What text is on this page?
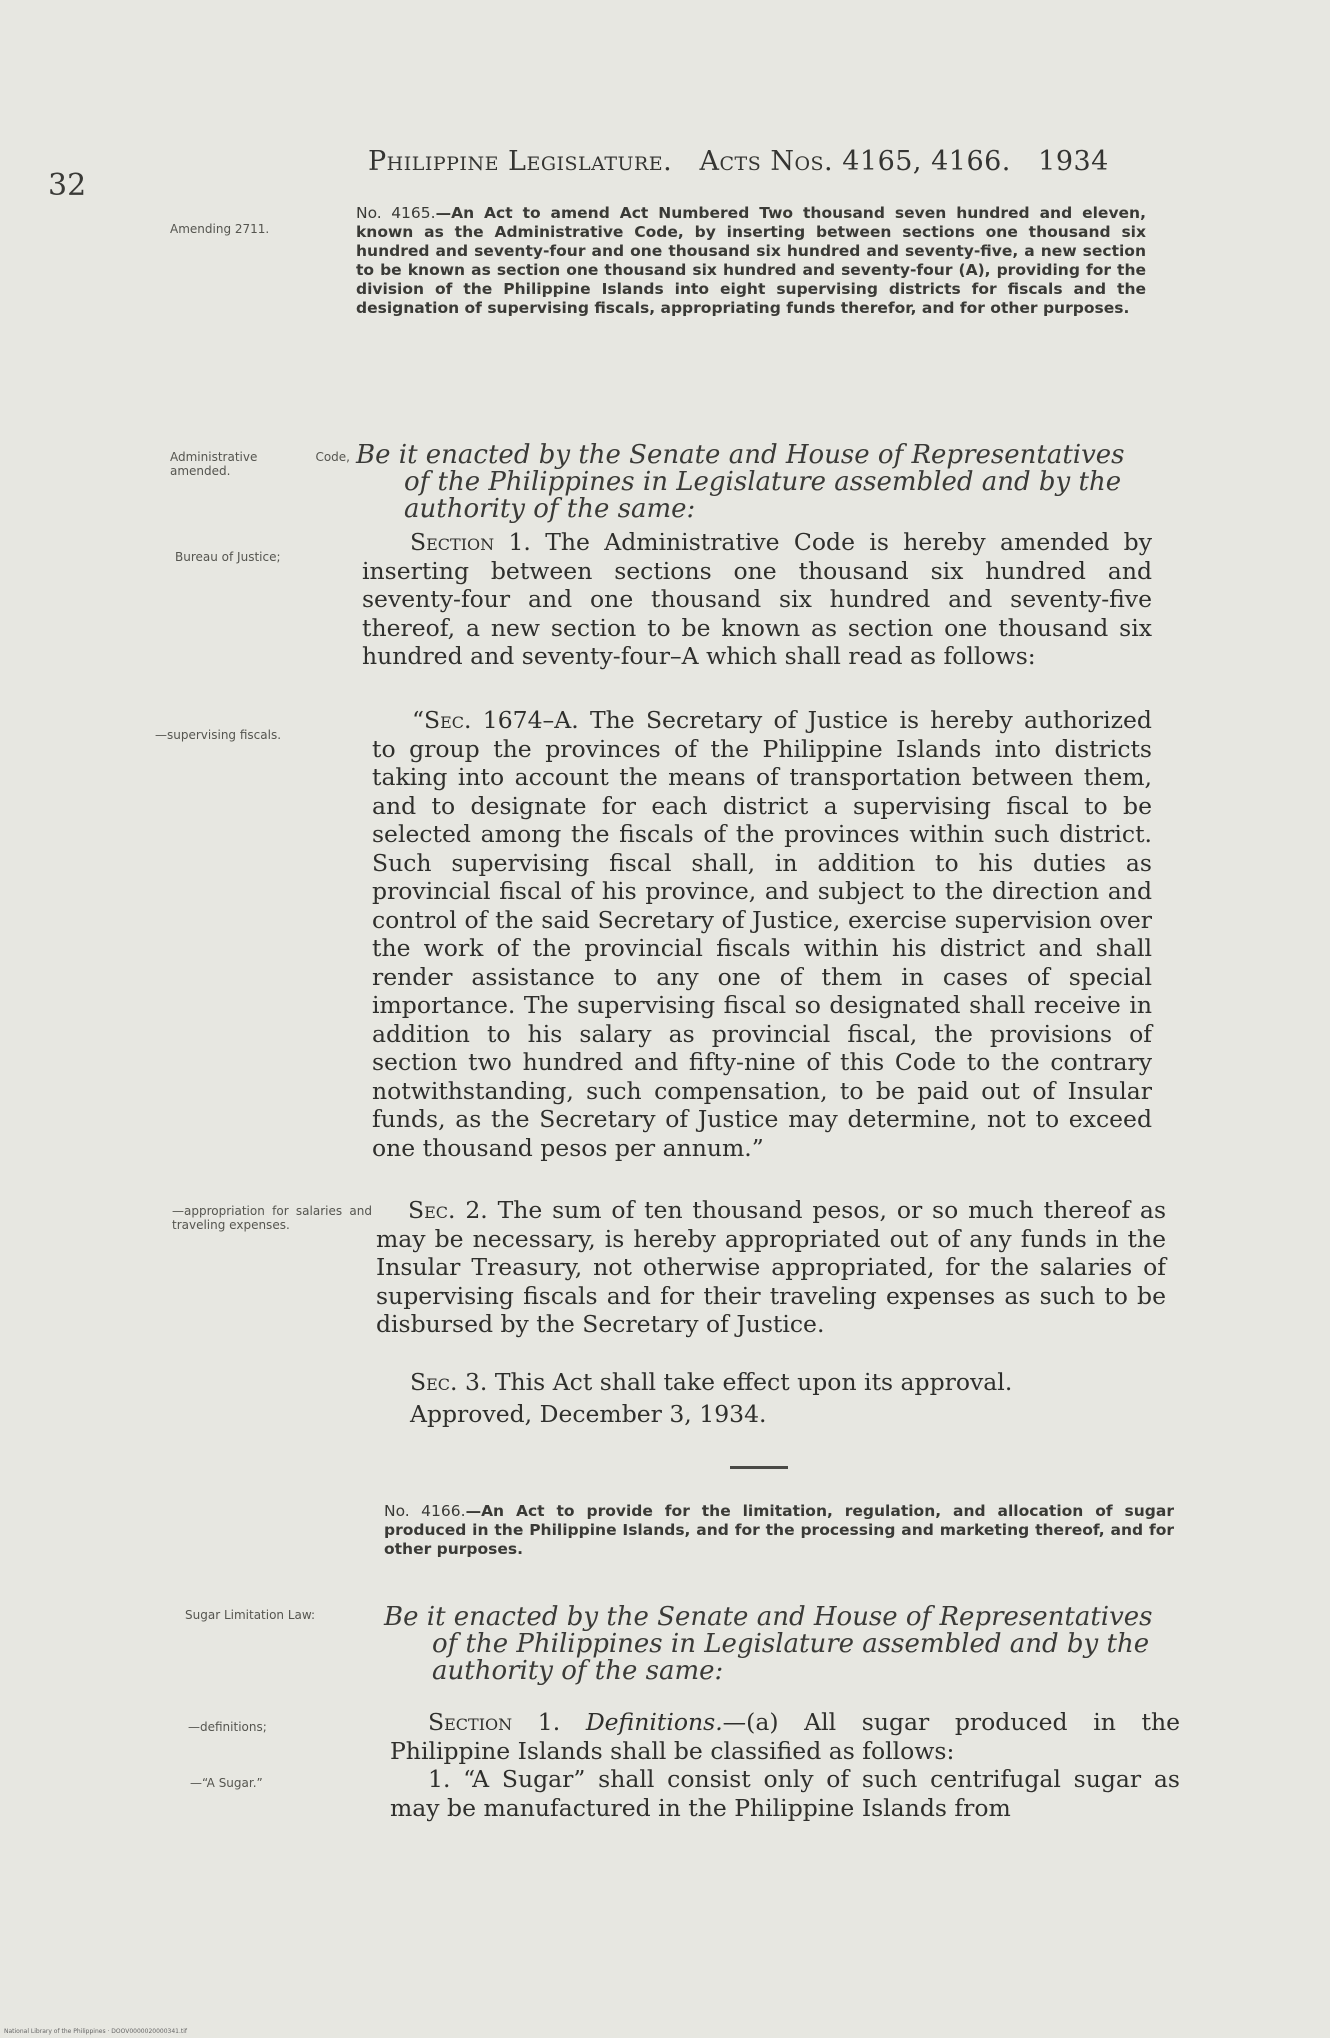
32
Philippine Legislature. Acts Nos. 4165, 4166. 1934
Amending 2711.
No. 4165.—An Act to amend Act Numbered Two thousand seven hundred and eleven, known as the Administrative Code, by inserting between sections one thousand six hundred and seventy-four and one thousand six hundred and seventy-five, a new section to be known as section one thousand six hundred and seventy-four (A), providing for the division of the Philippine Islands into eight supervising districts for fiscals and the designation of supervising fiscals, appropriating funds therefor, and for other purposes.
Administrative Code, amended.
Be it enacted by the Senate and House of Representatives
of the Philippines in Legislature assembled and by the
authority of the same:
Bureau of Justice;
Section 1. The Administrative Code is hereby amended by inserting between sections one thousand six hundred and seventy-four and one thousand six hundred and seventy-five thereof, a new section to be known as section one thousand six hundred and seventy-four–A which shall read as follows:
—supervising fiscals.
“Sec. 1674–A. The Secretary of Justice is hereby authorized to group the provinces of the Philippine Islands into districts taking into account the means of transportation between them, and to designate for each district a supervising fiscal to be selected among the fiscals of the provinces within such district. Such supervising fiscal shall, in addition to his duties as provincial fiscal of his province, and subject to the direction and control of the said Secretary of Justice, exercise supervision over the work of the provincial fiscals within his district and shall render assistance to any one of them in cases of special importance. The supervising fiscal so designated shall receive in addition to his salary as provincial fiscal, the provisions of section two hundred and fifty-nine of this Code to the contrary notwithstanding, such compensation, to be paid out of Insular funds, as the Secretary of Justice may determine, not to exceed one thousand pesos per annum.”
—appropriation for salaries and traveling expenses.
Sec. 2. The sum of ten thousand pesos, or so much thereof as may be necessary, is hereby appropriated out of any funds in the Insular Treasury, not otherwise appropriated, for the salaries of supervising fiscals and for their traveling expenses as such to be disbursed by the Secretary of Justice.
Sec. 3. This Act shall take effect upon its approval.
Approved, December 3, 1934.
No. 4166.—An Act to provide for the limitation, regulation, and allocation of sugar produced in the Philippine Islands, and for the processing and marketing thereof, and for other purposes.
Sugar Limitation Law:	Be it enacted by the Senate and House of Representatives
of the Philippines in Legislature assembled and by the
authority of the same:
—definitions;	Section 1. Definitions.—(a) All sugar produced in the Philippine Islands shall be classified as follows:
—“A Sugar.”	1. “A Sugar” shall consist only of such centrifugal sugar as may be manufactured in the Philippine Islands from
National Library of the Philippines · DOOV0000020000341.tif
